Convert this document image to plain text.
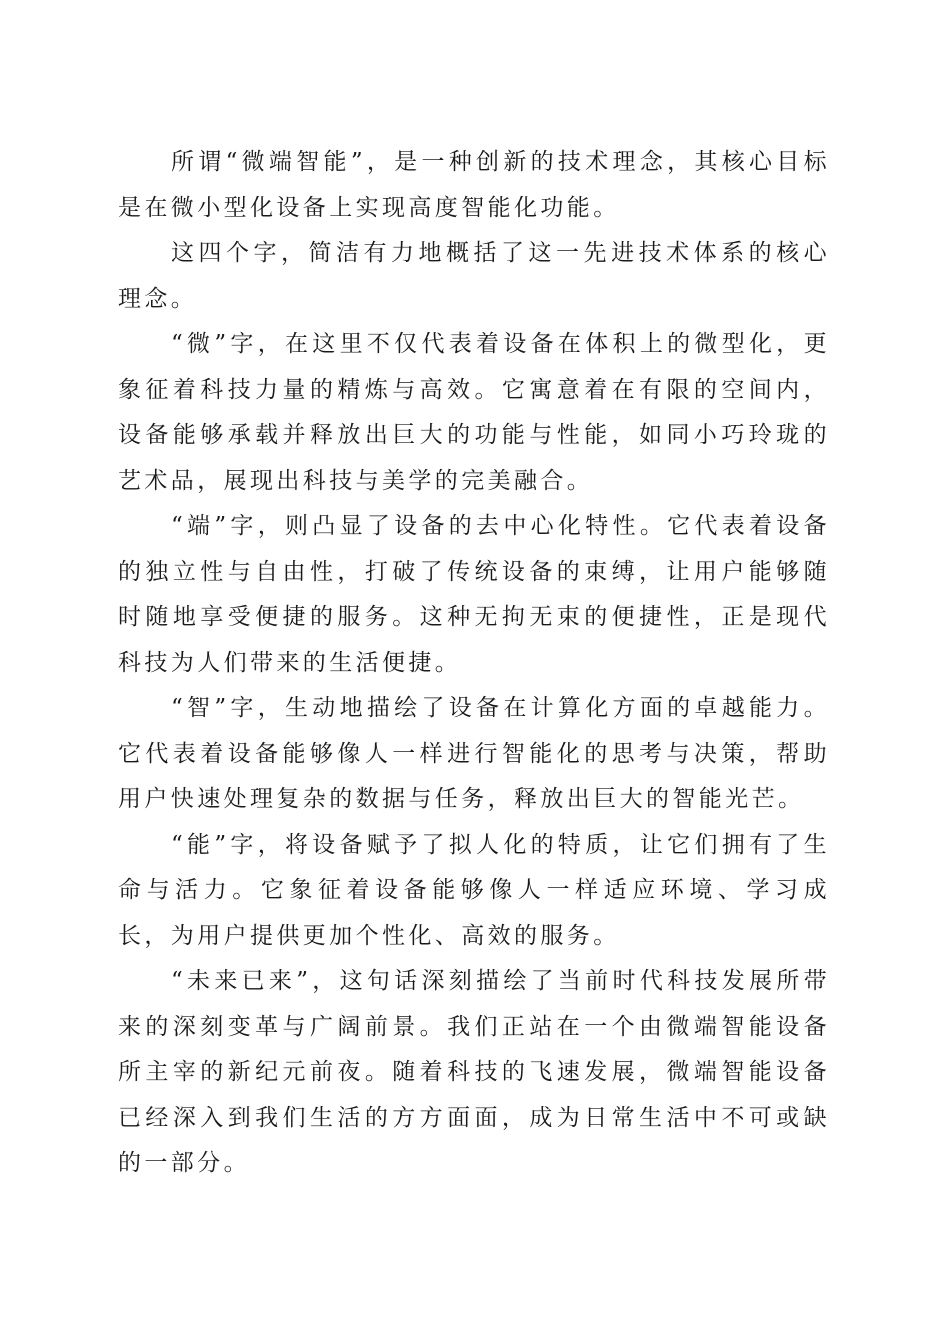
所谓“微端智能”，是一种创新的技术理念，其核心目标是在微小型化设备上实现高度智能化功能。

这四个字，简洁有力地概括了这一先进技术体系的核心理念。

“微”字，在这里不仅代表着设备在体积上的微型化，更象征着科技力量的精炼与高效。它寓意着在有限的空间内，设备能够承载并释放出巨大的功能与性能，如同小巧玲珑的艺术品，展现出科技与美学的完美融合。

“端”字，则凸显了设备的去中心化特性。它代表着设备的独立性与自由性，打破了传统设备的束缚，让用户能够随时随地享受便捷的服务。这种无拘无束的便捷性，正是现代科技为人们带来的生活便捷。

“智”字，生动地描绘了设备在计算化方面的卓越能力。它代表着设备能够像人一样进行智能化的思考与决策，帮助用户快速处理复杂的数据与任务，释放出巨大的智能光芒。

“能”字，将设备赋予了拟人化的特质，让它们拥有了生命与活力。它象征着设备能够像人一样适应环境、学习成长，为用户提供更加个性化、高效的服务。

“未来已来”，这句话深刻描绘了当前时代科技发展所带来的深刻变革与广阔前景。我们正站在一个由微端智能设备所主宰的新纪元前夜。随着科技的飞速发展，微端智能设备已经深入到我们生活的方方面面，成为日常生活中不可或缺的一部分。
